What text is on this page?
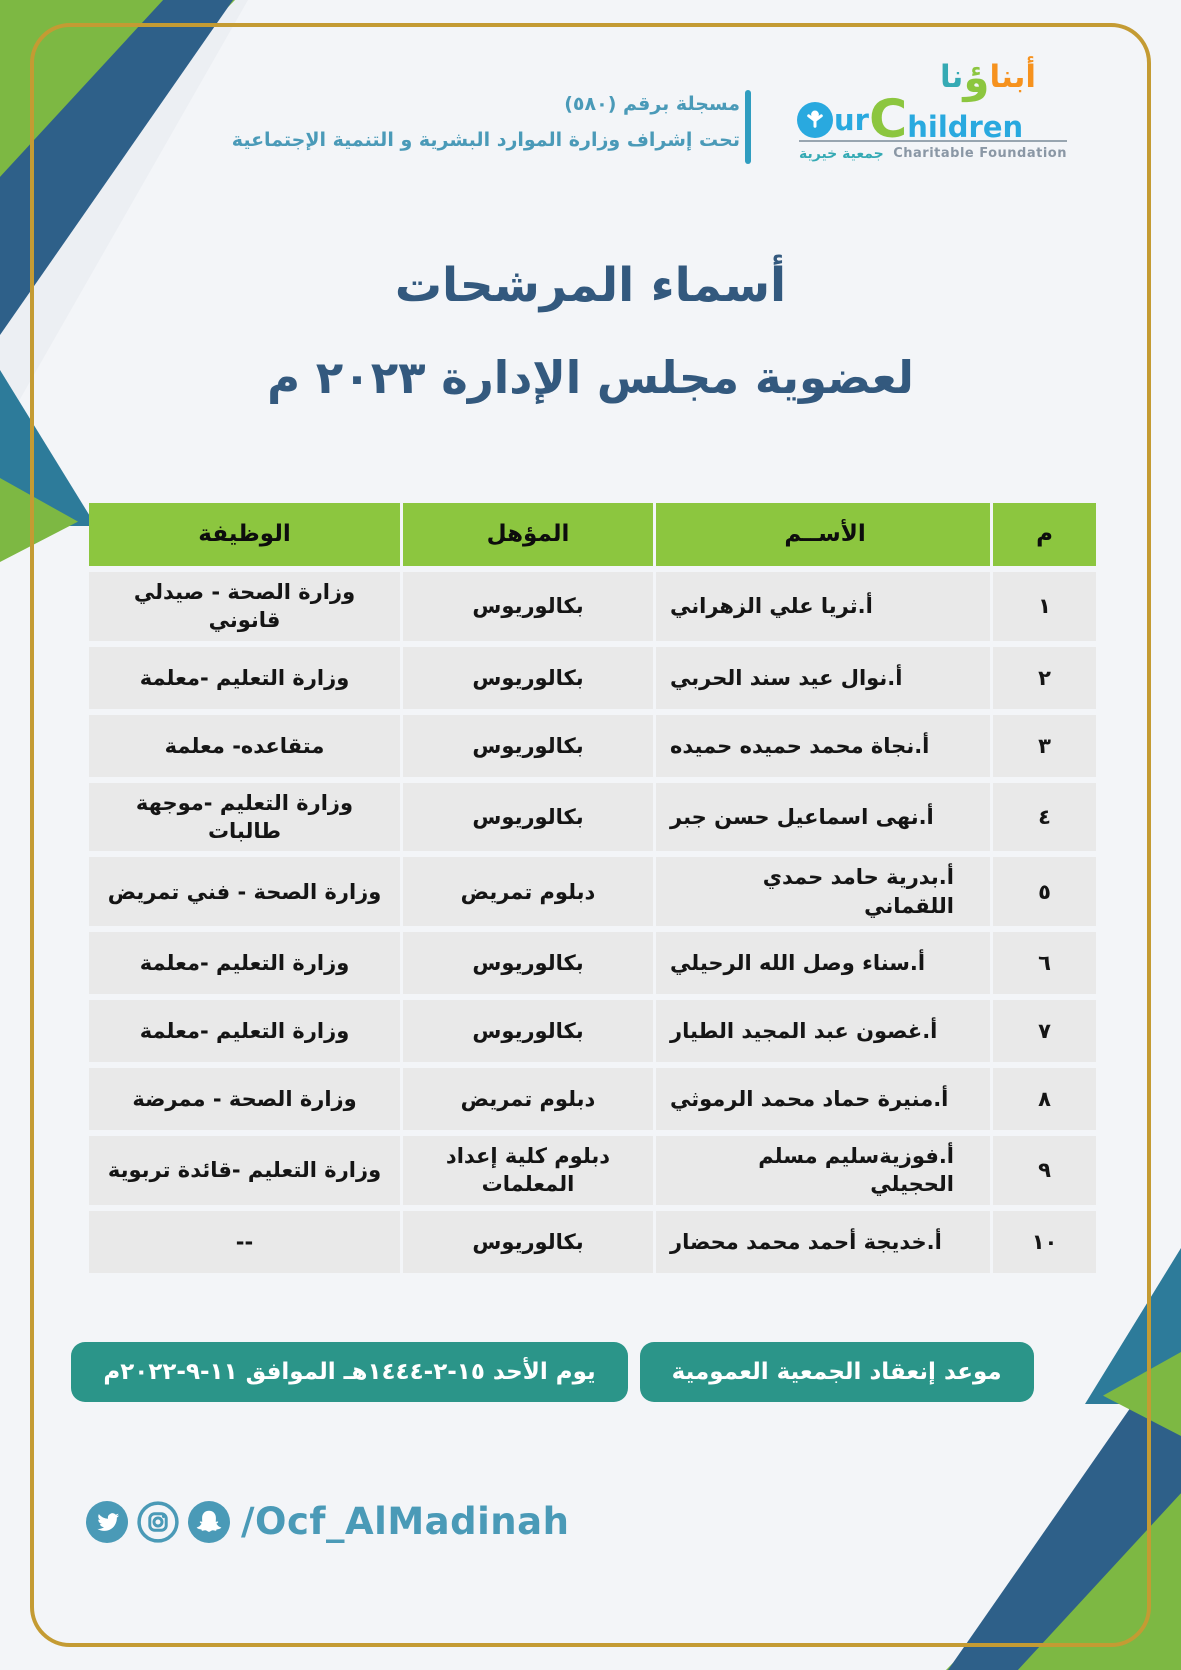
أبناؤنا
ur Children
جمعية خيرية Charitable Foundation
مسجلة برقم (٥٨٠)
تحت إشراف وزارة الموارد البشرية و التنمية الإجتماعية
أسماء المرشحات
لعضوية مجلس الإدارة ٢٠٢٣ م
م
الأســم
المؤهل
الوظيفة
١
أ.ثريا علي الزهراني
بكالوريوس
وزارة الصحة - صيدلي قانوني
٢
أ.نوال عيد سند الحربي
بكالوريوس
وزارة التعليم -معلمة
٣
أ.نجاة محمد حميده حميده
بكالوريوس
متقاعده- معلمة
٤
أ.نهى اسماعيل حسن جبر
بكالوريوس
وزارة التعليم -موجهة طالبات
٥
أ.بدرية حامد حمدي اللقماني
دبلوم تمريض
وزارة الصحة - فني تمريض
٦
أ.سناء وصل الله الرحيلي
بكالوريوس
وزارة التعليم -معلمة
٧
أ.غصون عبد المجيد الطيار
بكالوريوس
وزارة التعليم -معلمة
٨
أ.منيرة حماد محمد الرموثي
دبلوم تمريض
وزارة الصحة - ممرضة
٩
أ.فوزيةسليم مسلم الحجيلي
دبلوم كلية إعداد المعلمات
وزارة التعليم -قائدة تربوية
١٠
أ.خديجة أحمد محمد محضار
بكالوريوس
--
موعد إنعقاد الجمعية العمومية
يوم الأحد ١٥-٢-١٤٤٤هـ الموافق ١١-٩-٢٠٢٢م
/Ocf_AlMadinah
